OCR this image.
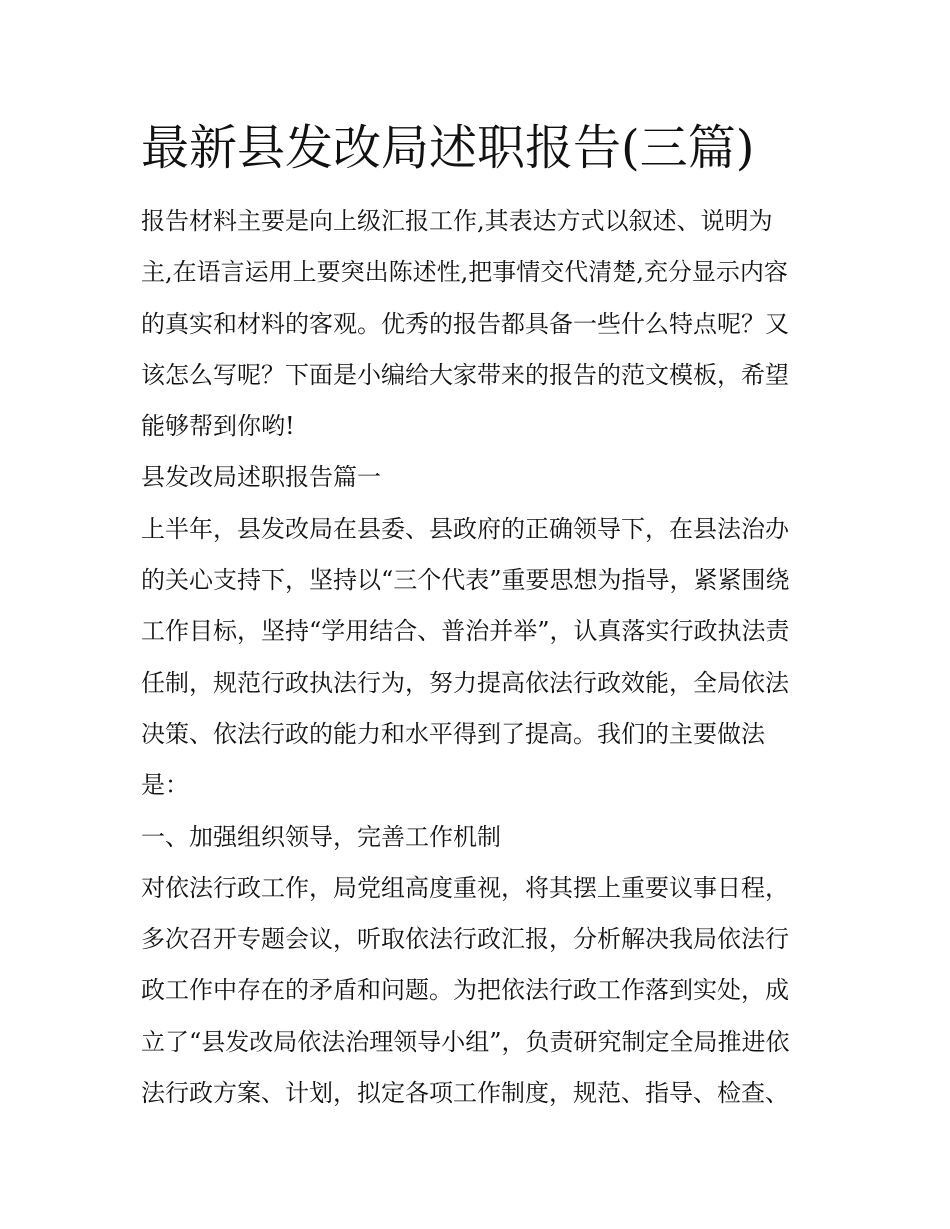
最新县发改局述职报告(三篇)
报告材料主要是向上级汇报工作,其表达方式以叙述、说明为
主,在语言运用上要突出陈述性,把事情交代清楚,充分显示内容
的真实和材料的客观。优秀的报告都具备一些什么特点呢？又
该怎么写呢？下面是小编给大家带来的报告的范文模板，希望
能够帮到你哟!
县发改局述职报告篇一
上半年，县发改局在县委、县政府的正确领导下，在县法治办
的关心支持下，坚持以“三个代表”重要思想为指导，紧紧围绕
工作目标，坚持“学用结合、普治并举”，认真落实行政执法责
任制，规范行政执法行为，努力提高依法行政效能，全局依法
决策、依法行政的能力和水平得到了提高。我们的主要做法
是：
一、加强组织领导，完善工作机制
对依法行政工作，局党组高度重视，将其摆上重要议事日程，
多次召开专题会议，听取依法行政汇报，分析解决我局依法行
政工作中存在的矛盾和问题。为把依法行政工作落到实处，成
立了“县发改局依法治理领导小组”，负责研究制定全局推进依
法行政方案、计划，拟定各项工作制度，规范、指导、检查、
